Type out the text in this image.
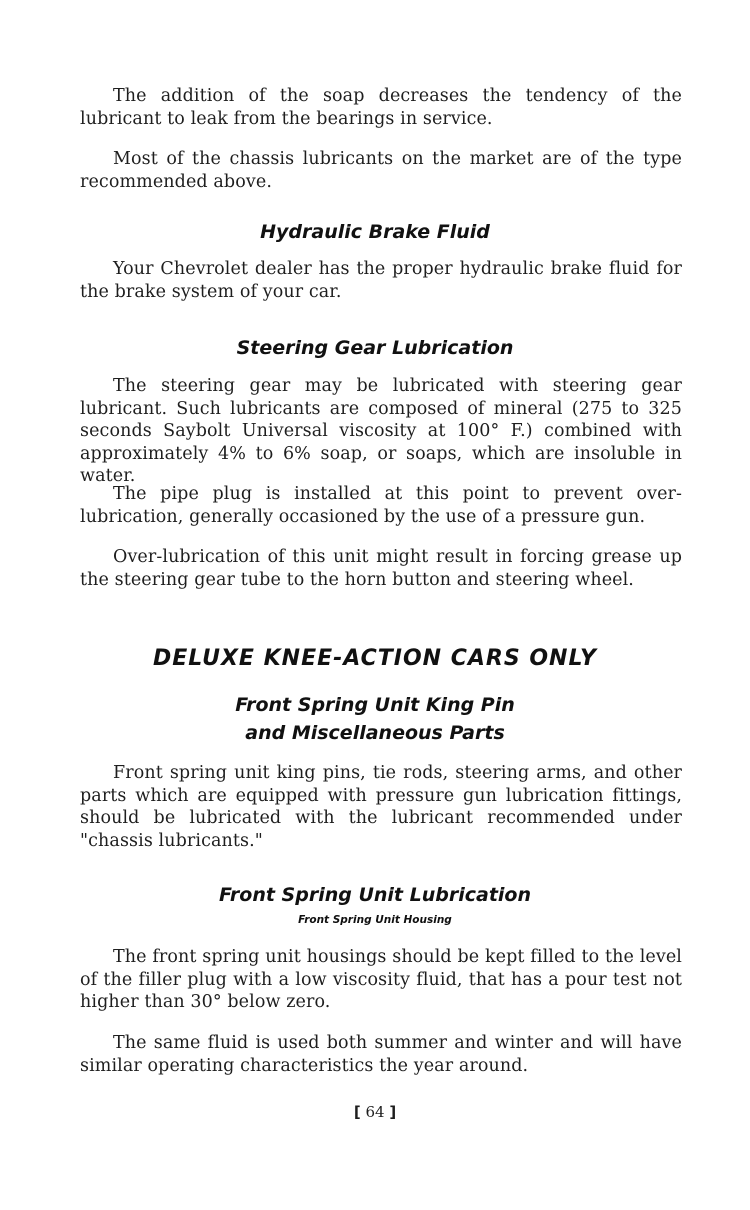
The addition of the soap decreases the tendency of the lubricant to leak from the bearings in service.

Most of the chassis lubricants on the market are of the type recommended above.

Hydraulic Brake Fluid

Your Chevrolet dealer has the proper hydraulic brake fluid for the brake system of your car.

Steering Gear Lubrication

The steering gear may be lubricated with steering gear lubricant. Such lubricants are composed of mineral (275 to 325 seconds Saybolt Universal viscosity at 100° F.) combined with approximately 4% to 6% soap, or soaps, which are insoluble in water.

The pipe plug is installed at this point to prevent over-lubrication, generally occasioned by the use of a pressure gun.

Over-lubrication of this unit might result in forcing grease up the steering gear tube to the horn button and steering wheel.

DELUXE KNEE-ACTION CARS ONLY
Front Spring Unit King Pin
and Miscellaneous Parts

Front spring unit king pins, tie rods, steering arms, and other parts which are equipped with pressure gun lubrication fittings, should be lubricated with the lubricant recommended under "chassis lubricants."

Front Spring Unit Lubrication

Front Spring Unit Housing

The front spring unit housings should be kept filled to the level of the filler plug with a low viscosity fluid, that has a pour test not higher than 30° below zero.

The same fluid is used both summer and winter and will have similar operating characteristics the year around.

[ 64 ]
